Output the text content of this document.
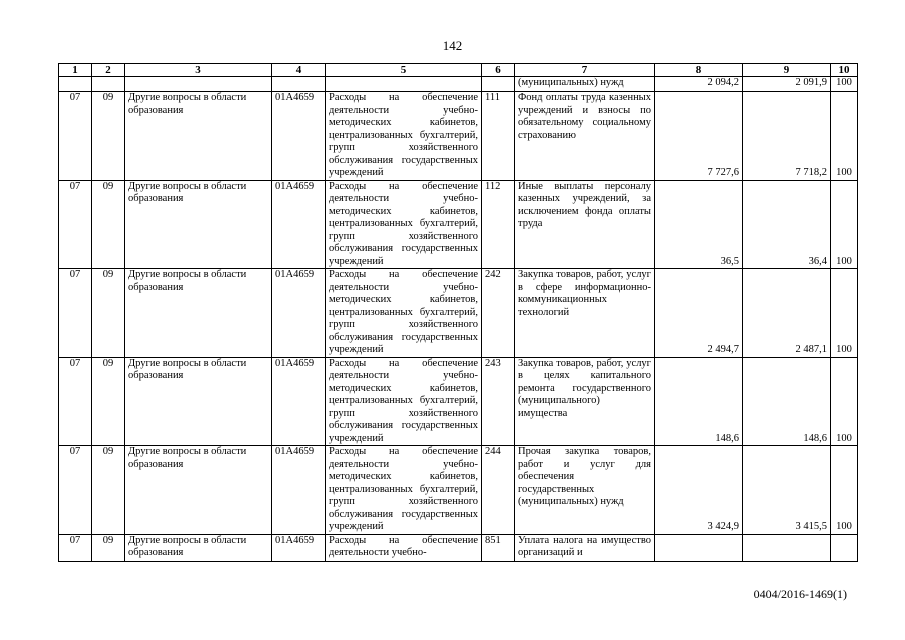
142
1	2	3	4	5	6	7	8	9	10
						(муниципальных) нужд	2 094,2	2 091,9	100
07	09	Другие вопросы в области образования	01А4659	Расходы на обеспечение деятельности учебно-методических кабинетов, централизованных бухгалтерий, групп хозяйственного обслуживания государственных учреждений	111	Фонд оплаты труда казенных учреждений и взносы по обязательному социальному страхованию	7 727,6	7 718,2	100
07	09	Другие вопросы в области образования	01А4659	Расходы на обеспечение деятельности учебно-методических кабинетов, централизованных бухгалтерий, групп хозяйственного обслуживания государственных учреждений	112	Иные выплаты персоналу казенных учреждений, за исключением фонда оплаты труда	36,5	36,4	100
07	09	Другие вопросы в области образования	01А4659	Расходы на обеспечение деятельности учебно-методических кабинетов, централизованных бухгалтерий, групп хозяйственного обслуживания государственных учреждений	242	Закупка товаров, работ, услуг в сфере информационно-коммуникационных технологий	2 494,7	2 487,1	100
07	09	Другие вопросы в области образования	01А4659	Расходы на обеспечение деятельности учебно-методических кабинетов, централизованных бухгалтерий, групп хозяйственного обслуживания государственных учреждений	243	Закупка товаров, работ, услуг в целях капитального ремонта государственного (муниципального) имущества	148,6	148,6	100
07	09	Другие вопросы в области образования	01А4659	Расходы на обеспечение деятельности учебно-методических кабинетов, централизованных бухгалтерий, групп хозяйственного обслуживания государственных учреждений	244	Прочая закупка товаров, работ и услуг для обеспечения государственных (муниципальных) нужд	3 424,9	3 415,5	100
07	09	Другие вопросы в области образования	01А4659	Расходы на обеспечение деятельности учебно-	851	Уплата налога на имущество организаций и			
0404/2016-1469(1)
